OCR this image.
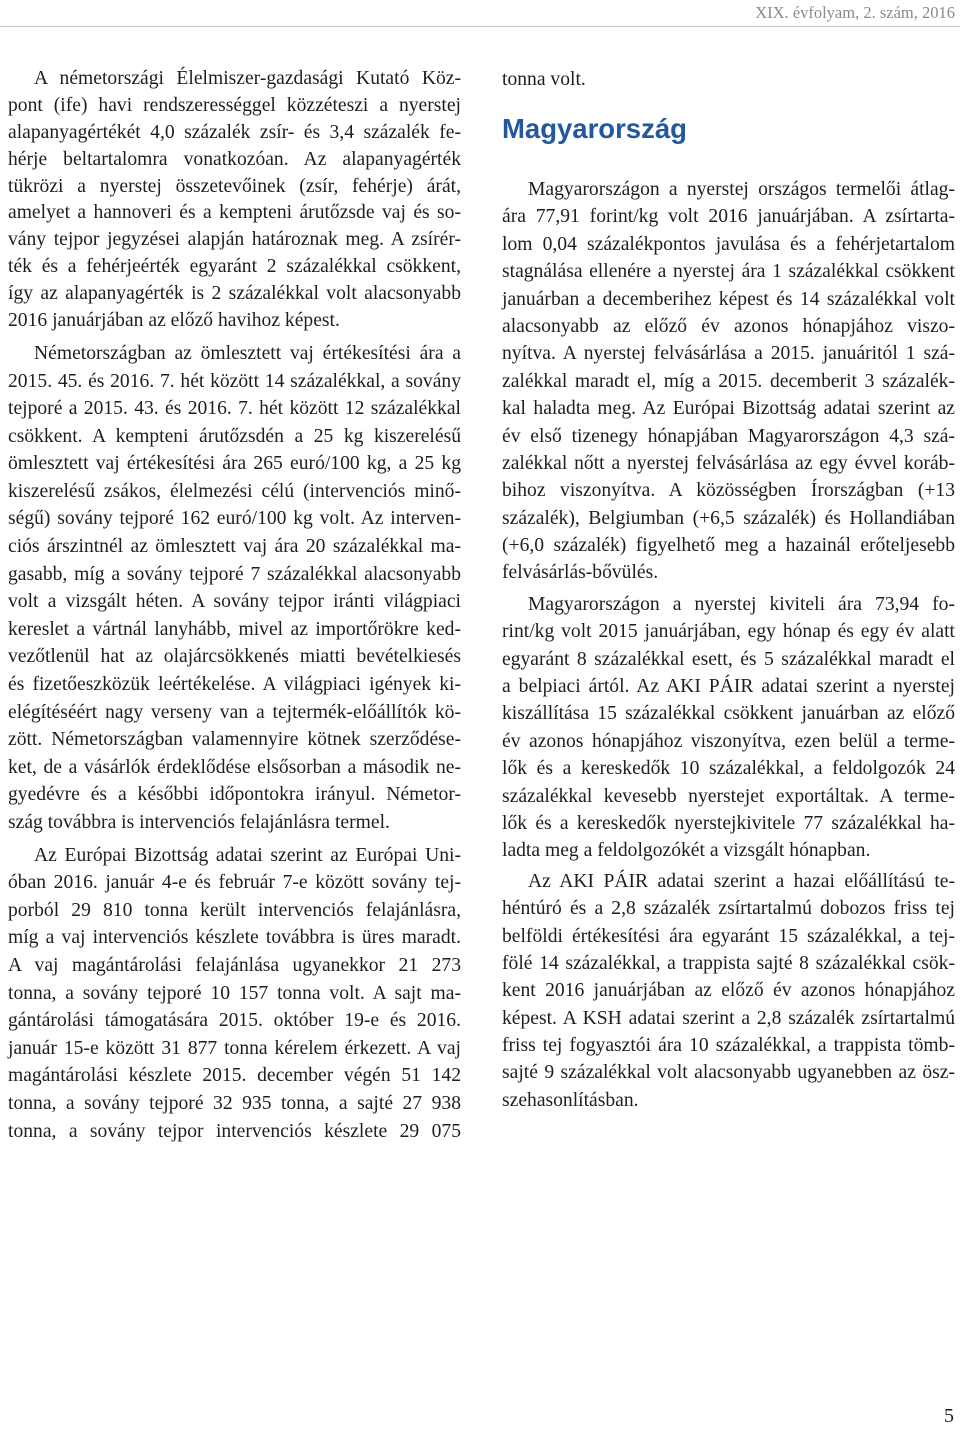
XIX. évfolyam, 2. szám, 2016
A németországi Élelmiszer-gazdasági Kutató Köz-
pont (ife) havi rendszerességgel közzéteszi a nyerstej
alapanyagértékét 4,0 százalék zsír- és 3,4 százalék fe-
hérje beltartalomra vonatkozóan. Az alapanyagérték
tükrözi a nyerstej összetevőinek (zsír, fehérje) árát,
amelyet a hannoveri és a kempteni árutőzsde vaj és so-
vány tejpor jegyzései alapján határoznak meg. A zsírér-
ték és a fehérjeérték egyaránt 2 százalékkal csökkent,
így az alapanyagérték is 2 százalékkal volt alacsonyabb
2016 januárjában az előző havihoz képest.
Németországban az ömlesztett vaj értékesítési ára a
2015. 45. és 2016. 7. hét között 14 százalékkal, a sovány
tejporé a 2015. 43. és 2016. 7. hét között 12 százalékkal
csökkent. A kempteni árutőzsdén a 25 kg kiszerelésű
ömlesztett vaj értékesítési ára 265 euró/100 kg, a 25 kg
kiszerelésű zsákos, élelmezési célú (intervenciós minő-
ségű) sovány tejporé 162 euró/100 kg volt. Az interven-
ciós árszintnél az ömlesztett vaj ára 20 százalékkal ma-
gasabb, míg a sovány tejporé 7 százalékkal alacsonyabb
volt a vizsgált héten. A sovány tejpor iránti világpiaci
kereslet a vártnál lanyhább, mivel az importőrökre ked-
vezőtlenül hat az olajárcsökkenés miatti bevételkiesés
és fizetőeszközük leértékelése. A világpiaci igények ki-
elégítéséért nagy verseny van a tejtermék-előállítók kö-
zött. Németországban valamennyire kötnek szerződése-
ket, de a vásárlók érdeklődése elsősorban a második ne-
gyedévre és a későbbi időpontokra irányul. Németor-
szág továbbra is intervenciós felajánlásra termel.
Az Európai Bizottság adatai szerint az Európai Uni-
óban 2016. január 4-e és február 7-e között sovány tej-
porból 29 810 tonna került intervenciós felajánlásra,
míg a vaj intervenciós készlete továbbra is üres maradt.
A vaj magántárolási felajánlása ugyanekkor 21 273
tonna, a sovány tejporé 10 157 tonna volt. A sajt ma-
gántárolási támogatására 2015. október 19-e és 2016.
január 15-e között 31 877 tonna kérelem érkezett. A vaj
magántárolási készlete 2015. december végén 51 142
tonna, a sovány tejporé 32 935 tonna, a sajté 27 938
tonna, a sovány tejpor intervenciós készlete 29 075
tonna volt.
Magyarország
Magyarországon a nyerstej országos termelői átlag-
ára 77,91 forint/kg volt 2016 januárjában. A zsírtarta-
lom 0,04 százalékpontos javulása és a fehérjetartalom
stagnálása ellenére a nyerstej ára 1 százalékkal csökkent
januárban a decemberihez képest és 14 százalékkal volt
alacsonyabb az előző év azonos hónapjához viszo-
nyítva. A nyerstej felvásárlása a 2015. januáritól 1 szá-
zalékkal maradt el, míg a 2015. decemberit 3 százalék-
kal haladta meg. Az Európai Bizottság adatai szerint az
év első tizenegy hónapjában Magyarországon 4,3 szá-
zalékkal nőtt a nyerstej felvásárlása az egy évvel koráb-
bihoz viszonyítva. A közösségben Írországban (+13
százalék), Belgiumban (+6,5 százalék) és Hollandiában
(+6,0 százalék) figyelhető meg a hazainál erőteljesebb
felvásárlás-bővülés.
Magyarországon a nyerstej kiviteli ára 73,94 fo-
rint/kg volt 2015 januárjában, egy hónap és egy év alatt
egyaránt 8 százalékkal esett, és 5 százalékkal maradt el
a belpiaci ártól. Az AKI PÁIR adatai szerint a nyerstej
kiszállítása 15 százalékkal csökkent januárban az előző
év azonos hónapjához viszonyítva, ezen belül a terme-
lők és a kereskedők 10 százalékkal, a feldolgozók 24
százalékkal kevesebb nyerstejet exportáltak. A terme-
lők és a kereskedők nyerstejkivitele 77 százalékkal ha-
ladta meg a feldolgozókét a vizsgált hónapban.
Az AKI PÁIR adatai szerint a hazai előállítású te-
héntúró és a 2,8 százalék zsírtartalmú dobozos friss tej
belföldi értékesítési ára egyaránt 15 százalékkal, a tej-
fölé 14 százalékkal, a trappista sajté 8 százalékkal csök-
kent 2016 januárjában az előző év azonos hónapjához
képest. A KSH adatai szerint a 2,8 százalék zsírtartalmú
friss tej fogyasztói ára 10 százalékkal, a trappista tömb-
sajté 9 százalékkal volt alacsonyabb ugyanebben az ösz-
szehasonlításban.
5
